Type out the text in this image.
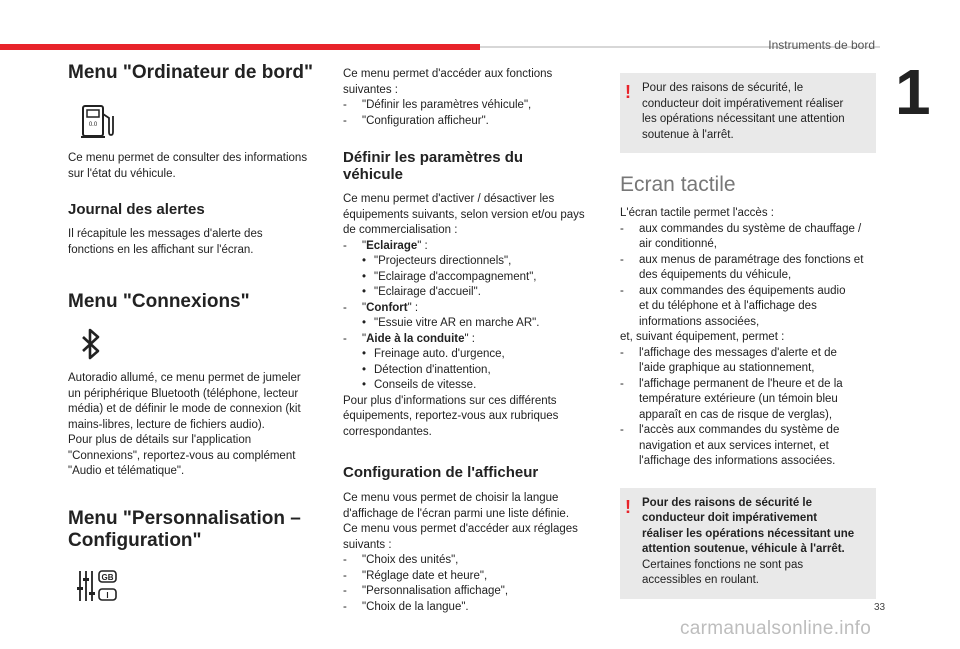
Instruments de bord
1
Menu "Ordinateur de bord"
0.0

Ce menu permet de consulter des informations
sur l'état du véhicule.

Journal des alertes

Il récapitule les messages d'alerte des
fonctions en les affichant sur l'écran.

Menu "Connexions"

Autoradio allumé, ce menu permet de jumeler
un périphérique Bluetooth (téléphone, lecteur
média) et de définir le mode de connexion (kit
mains-libres, lecture de fichiers audio).
Pour plus de détails sur l'application
"Connexions", reportez-vous au complément
"Audio et télématique".

Menu "Personnalisation –
Configuration"
GB
I

Ce menu permet d'accéder aux fonctions
suivantes :

- "Définir les paramètres véhicule",
- "Configuration afficheur".
Définir les paramètres du
véhicule

Ce menu permet d'activer / désactiver les
équipements suivants, selon version et/ou pays
de commercialisation :

- "Eclairage" :
• "Projecteurs directionnels",
• "Eclairage d'accompagnement",
• "Eclairage d'accueil".
- "Confort" :
• "Essuie vitre AR en marche AR".
- "Aide à la conduite" :
• Freinage auto. d'urgence,
• Détection d'inattention,
• Conseils de vitesse.

Pour plus d'informations sur ces différents
équipements, reportez-vous aux rubriques
correspondantes.

Configuration de l'afficheur

Ce menu vous permet de choisir la langue
d'affichage de l'écran parmi une liste définie.
Ce menu vous permet d'accéder aux réglages
suivants :

- "Choix des unités",
- "Réglage date et heure",
- "Personnalisation affichage",
- "Choix de la langue".
! Pour des raisons de sécurité, le
conducteur doit impérativement réaliser
les opérations nécessitant une attention
soutenue à l'arrêt.
Ecran tactile

L'écran tactile permet l'accès :

- aux commandes du système de chauffage /
air conditionné,
- aux menus de paramétrage des fonctions et
des équipements du véhicule,
- aux commandes des équipements audio
et du téléphone et à l'affichage des
informations associées,

et, suivant équipement, permet :

- l'affichage des messages d'alerte et de
l'aide graphique au stationnement,
- l'affichage permanent de l'heure et de la
température extérieure (un témoin bleu
apparaît en cas de risque de verglas),
- l'accès aux commandes du système de
navigation et aux services internet, et
l'affichage des informations associées.
! Pour des raisons de sécurité le
conducteur doit impérativement
réaliser les opérations nécessitant une
attention soutenue, véhicule à l'arrêt.
Certaines fonctions ne sont pas
accessibles en roulant.
33
carmanualsonline.info
